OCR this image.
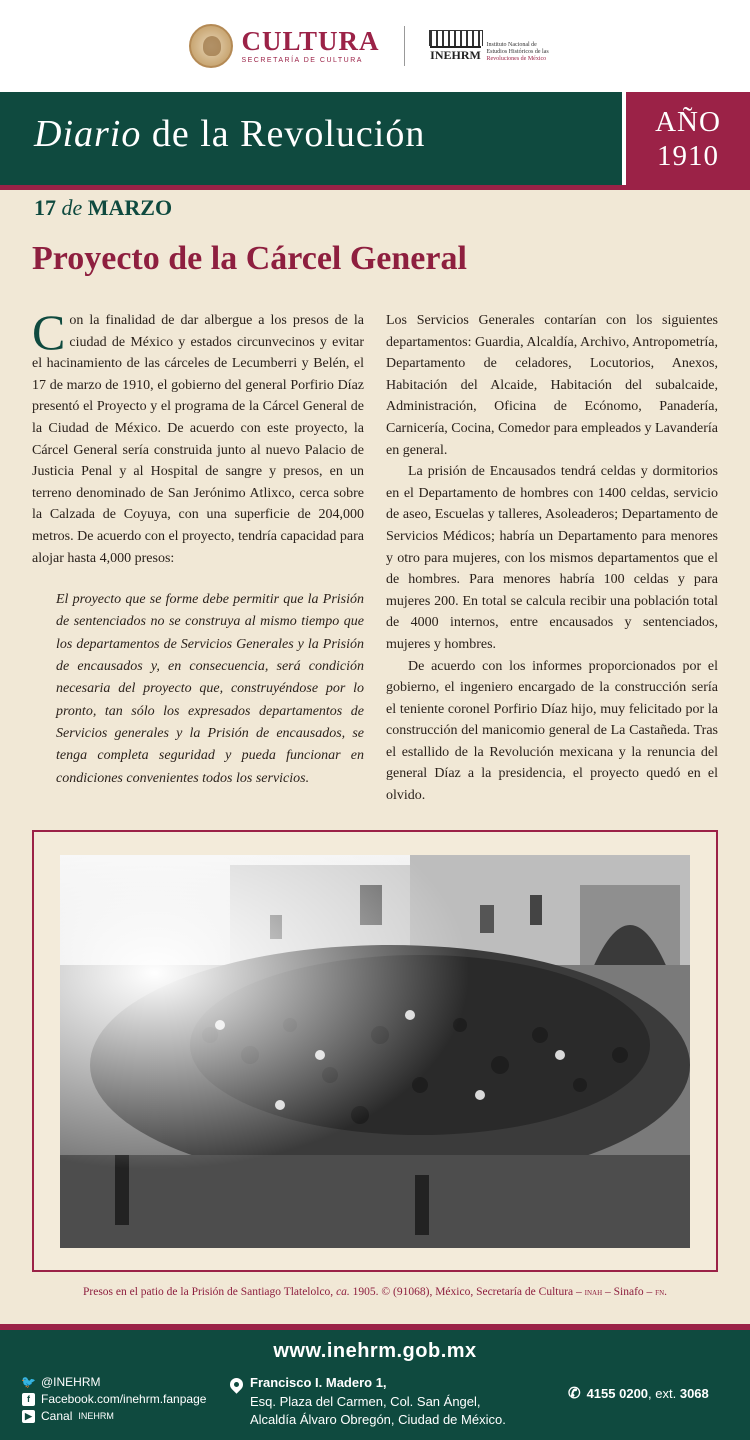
CULTURA
SECRETARÍA DE CULTURA	INEHRM
Instituto Nacional de
Estudios Históricos de las
Revoluciones de México
Diario de la Revolución	AÑO
1910
17 de MARZO
Proyecto de la Cárcel General

Con la finalidad de dar albergue a los presos de la ciudad de México y estados circunvecinos y evitar el hacinamiento de las cárceles de Lecumberri y Belén, el 17 de marzo de 1910, el gobierno del general Porfirio Díaz presentó el Proyecto y el programa de la Cárcel General de la Ciudad de México. De acuerdo con este proyecto, la Cárcel General sería construida junto al nuevo Palacio de Justicia Penal y al Hospital de sangre y presos, en un terreno denominado de San Jerónimo Atlixco, cerca sobre la Calzada de Coyuya, con una superficie de 204,000 metros. De acuerdo con el proyecto, tendría capacidad para alojar hasta 4,000 presos:

El proyecto que se forme debe permitir que la Prisión de sentenciados no se construya al mismo tiempo que los departamentos de Servicios Generales y la Prisión de encausados y, en consecuencia, será condición necesaria del proyecto que, construyéndose por lo pronto, tan sólo los expresados departamentos de Servicios generales y la Prisión de encausados, se tenga completa seguridad y pueda funcionar en condiciones convenientes todos los servicios.

Los Servicios Generales contarían con los siguientes departamentos: Guardia, Alcaldía, Archivo, Antropometría, Departamento de celadores, Locutorios, Anexos, Habitación del Alcaide, Habitación del subalcaide, Administración, Oficina de Ecónomo, Panadería, Carnicería, Cocina, Comedor para empleados y Lavandería en general.

La prisión de Encausados tendrá celdas y dormitorios en el Departamento de hombres con 1400 celdas, servicio de aseo, Escuelas y talleres, Asoleaderos; Departamento de Servicios Médicos; habría un Departamento para menores y otro para mujeres, con los mismos departamentos que el de hombres. Para menores habría 100 celdas y para mujeres 200. En total se calcula recibir una población total de 4000 internos, entre encausados y sentenciados, mujeres y hombres.

De acuerdo con los informes proporcionados por el gobierno, el ingeniero encargado de la construcción sería el teniente coronel Porfirio Díaz hijo, muy felicitado por la construcción del manicomio general de La Castañeda. Tras el estallido de la Revolución mexicana y la renuncia del general Díaz a la presidencia, el proyecto quedó en el olvido.

Presos en el patio de la Prisión de Santiago Tlatelolco, ca. 1905. © (91068), México, Secretaría de Cultura – inah – Sinafo – fn.
www.inehrm.gob.mx
🐦 @INEHRM
f Facebook.com/inehrm.fanpage
▶ Canal INEHRM
Francisco I. Madero 1,
Esq. Plaza del Carmen, Col. San Ángel,
Alcaldía Álvaro Obregón, Ciudad de México.
✆ 4155 0200, ext. 3068
